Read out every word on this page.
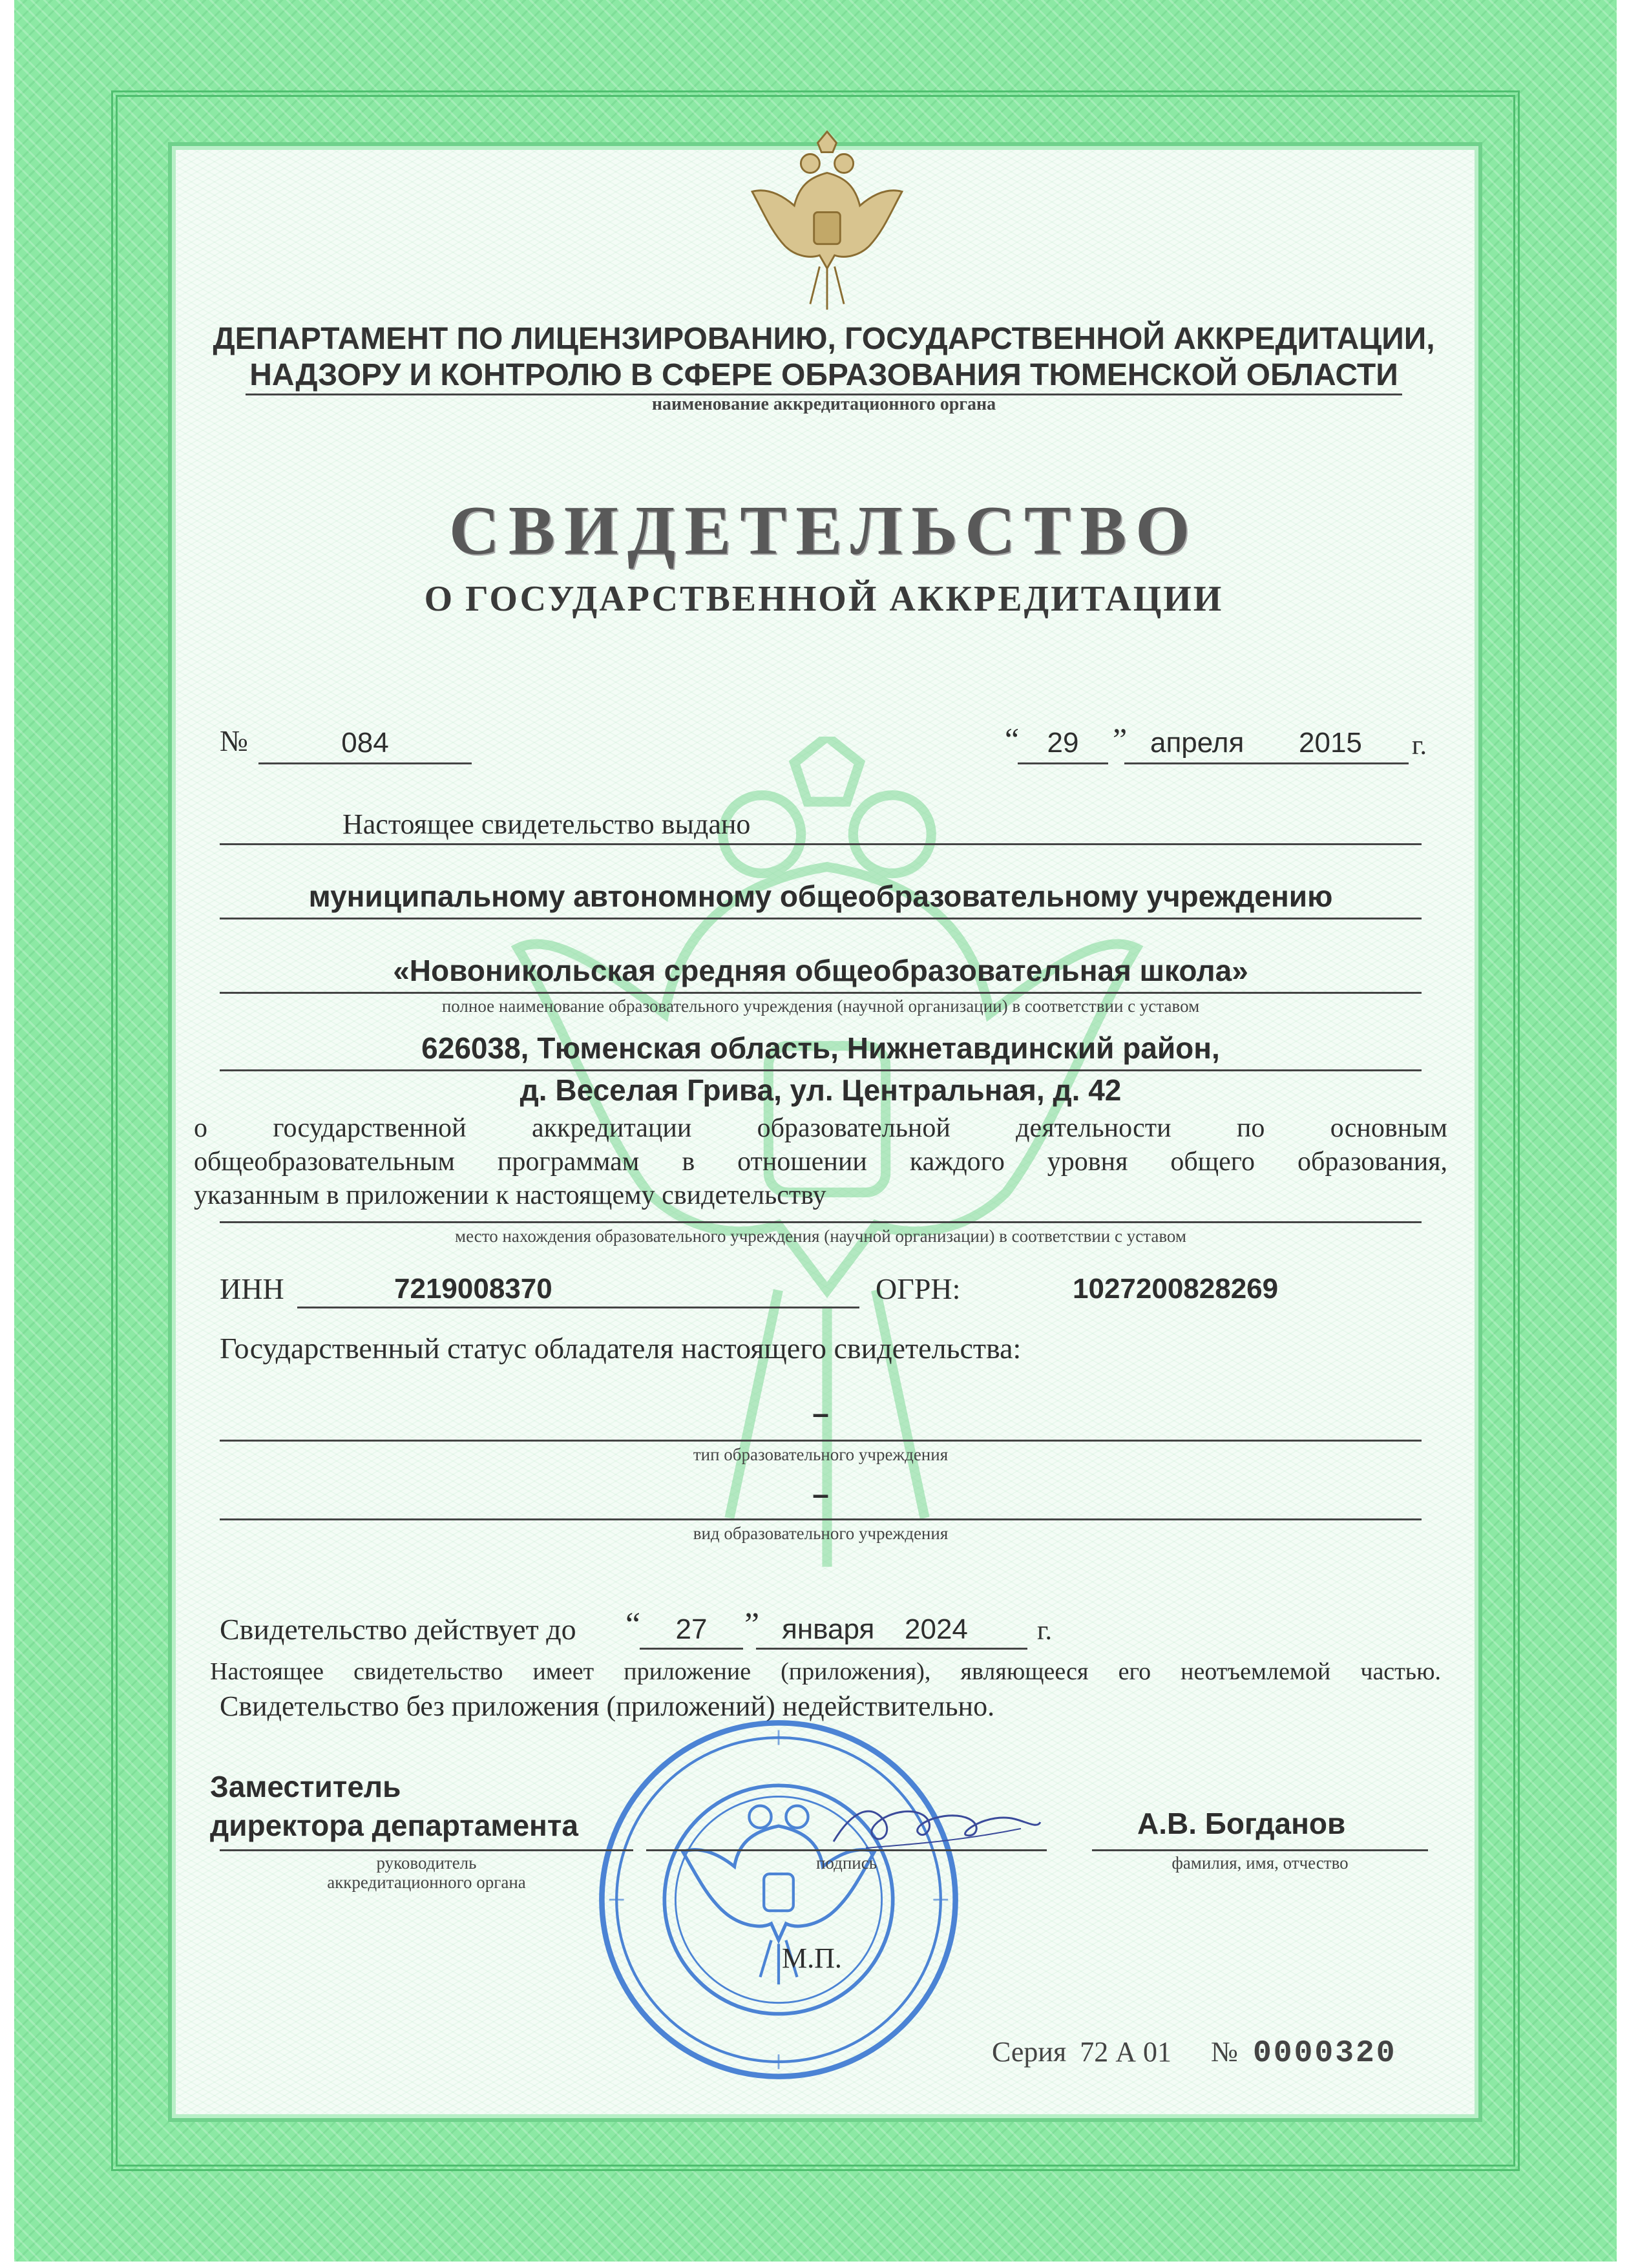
ДЕПАРТАМЕНТ ПО ЛИЦЕНЗИРОВАНИЮ, ГОСУДАРСТВЕННОЙ АККРЕДИТАЦИИ,
НАДЗОРУ И КОНТРОЛЮ В СФЕРЕ ОБРАЗОВАНИЯ ТЮМЕНСКОЙ ОБЛАСТИ
наименование аккредитационного органа
СВИДЕТЕЛЬСТВО
О ГОСУДАРСТВЕННОЙ АККРЕДИТАЦИИ
№	084	“ 29	” апреля 2015 г.
Настоящее свидетельство выдано
муниципальному автономному общеобразовательному учреждению
«Новоникольская средняя общеобразовательная школа»
полное наименование образовательного учреждения (научной организации) в соответствии с уставом
626038, Тюменская область, Нижнетавдинский район,
д. Веселая Грива, ул. Центральная, д. 42
о государственной аккредитации образовательной деятельности по основным
общеобразовательным программам в отношении каждого уровня общего образования,
указанным в приложении к настоящему свидетельству
место нахождения образовательного учреждения (научной организации) в соответствии с уставом
ИНН	7219008370	ОГРН:	1027200828269
Государственный статус обладателя настоящего свидетельства:
–
тип образовательного учреждения
–
вид образовательного учреждения
Свидетельство действует до “	27	” января 2024	г.
Настоящее свидетельство имеет приложение (приложения), являющееся его неотъемлемой частью.
Свидетельство без приложения (приложений) недействительно.
Заместитель
директора департамента
руководитель
аккредитационного органа
подпись
А.В. Богданов
фамилия, имя, отчество
М.П.
Серия 72 А 01 № 0000320
